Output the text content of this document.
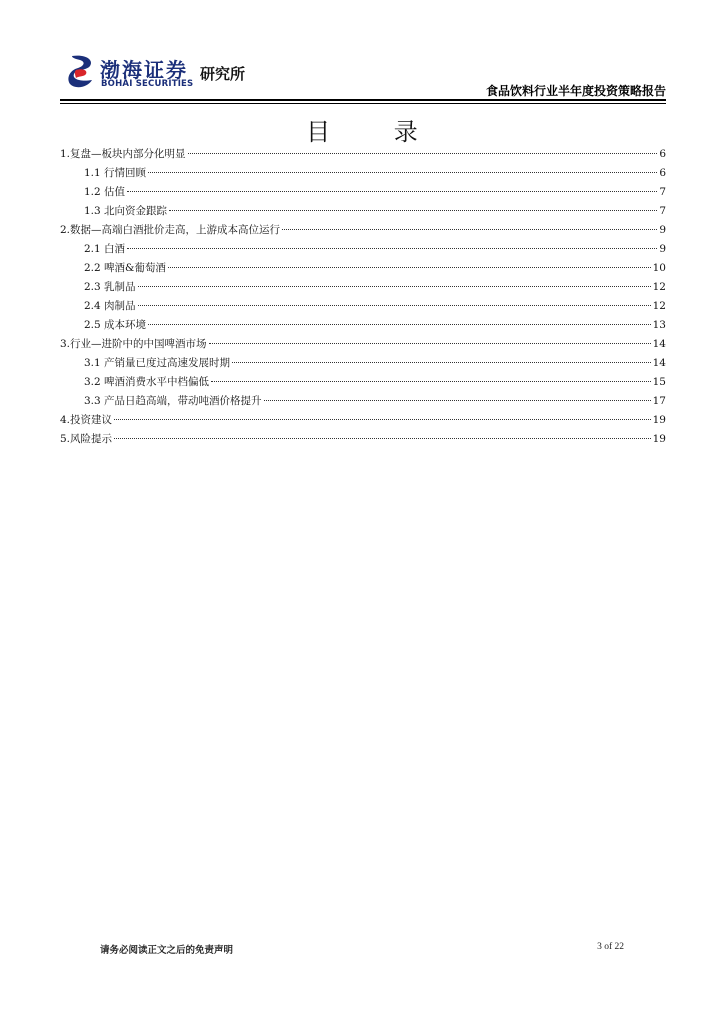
渤海证券
BOHAI SECURITIES
研究所
食品饮料行业半年度投资策略报告
目 录
1.复盘—板块内部分化明显	6
1.1 行情回顾	6
1.2 估值	7
1.3 北向资金跟踪	7
2.数据—高端白酒批价走高，上游成本高位运行	9
2.1 白酒	9
2.2 啤酒&葡萄酒	10
2.3 乳制品	12
2.4 肉制品	12
2.5 成本环境	13
3.行业—进阶中的中国啤酒市场	14
3.1 产销量已度过高速发展时期	14
3.2 啤酒消费水平中档偏低	15
3.3 产品日趋高端，带动吨酒价格提升	17
4.投资建议	19
5.风险提示	19
请务必阅读正文之后的免责声明	3 of 22
